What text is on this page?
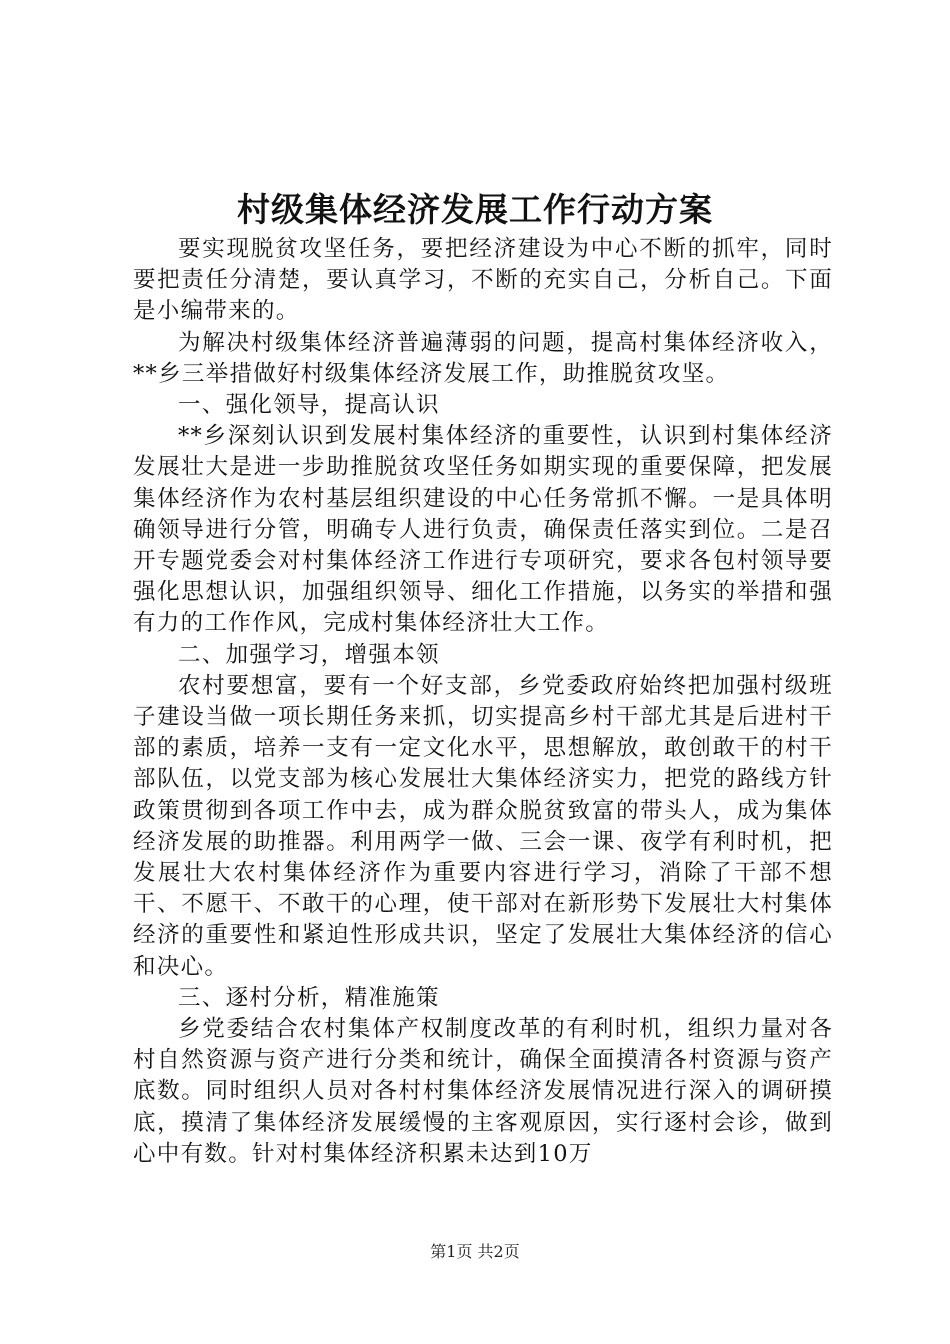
村级集体经济发展工作行动方案

要实现脱贫攻坚任务，要把经济建设为中心不断的抓牢，同时要把责任分清楚，要认真学习，不断的充实自己，分析自己。下面是小编带来的。

为解决村级集体经济普遍薄弱的问题，提高村集体经济收入，**乡三举措做好村级集体经济发展工作，助推脱贫攻坚。

一、强化领导，提高认识

**乡深刻认识到发展村集体经济的重要性，认识到村集体经济发展壮大是进一步助推脱贫攻坚任务如期实现的重要保障，把发展集体经济作为农村基层组织建设的中心任务常抓不懈。一是具体明确领导进行分管，明确专人进行负责，确保责任落实到位。二是召开专题党委会对村集体经济工作进行专项研究，要求各包村领导要强化思想认识，加强组织领导、细化工作措施，以务实的举措和强有力的工作作风，完成村集体经济壮大工作。

二、加强学习，增强本领

农村要想富，要有一个好支部，乡党委政府始终把加强村级班子建设当做一项长期任务来抓，切实提高乡村干部尤其是后进村干部的素质，培养一支有一定文化水平，思想解放，敢创敢干的村干部队伍，以党支部为核心发展壮大集体经济实力，把党的路线方针政策贯彻到各项工作中去，成为群众脱贫致富的带头人，成为集体经济发展的助推器。利用两学一做、三会一课、夜学有利时机，把发展壮大农村集体经济作为重要内容进行学习，消除了干部不想干、不愿干、不敢干的心理，使干部对在新形势下发展壮大村集体经济的重要性和紧迫性形成共识，坚定了发展壮大集体经济的信心和决心。

三、逐村分析，精准施策

乡党委结合农村集体产权制度改革的有利时机，组织力量对各村自然资源与资产进行分类和统计，确保全面摸清各村资源与资产底数。同时组织人员对各村村集体经济发展情况进行深入的调研摸底，摸清了集体经济发展缓慢的主客观原因，实行逐村会诊，做到心中有数。针对村集体经济积累未达到10万

第1页 共2页
